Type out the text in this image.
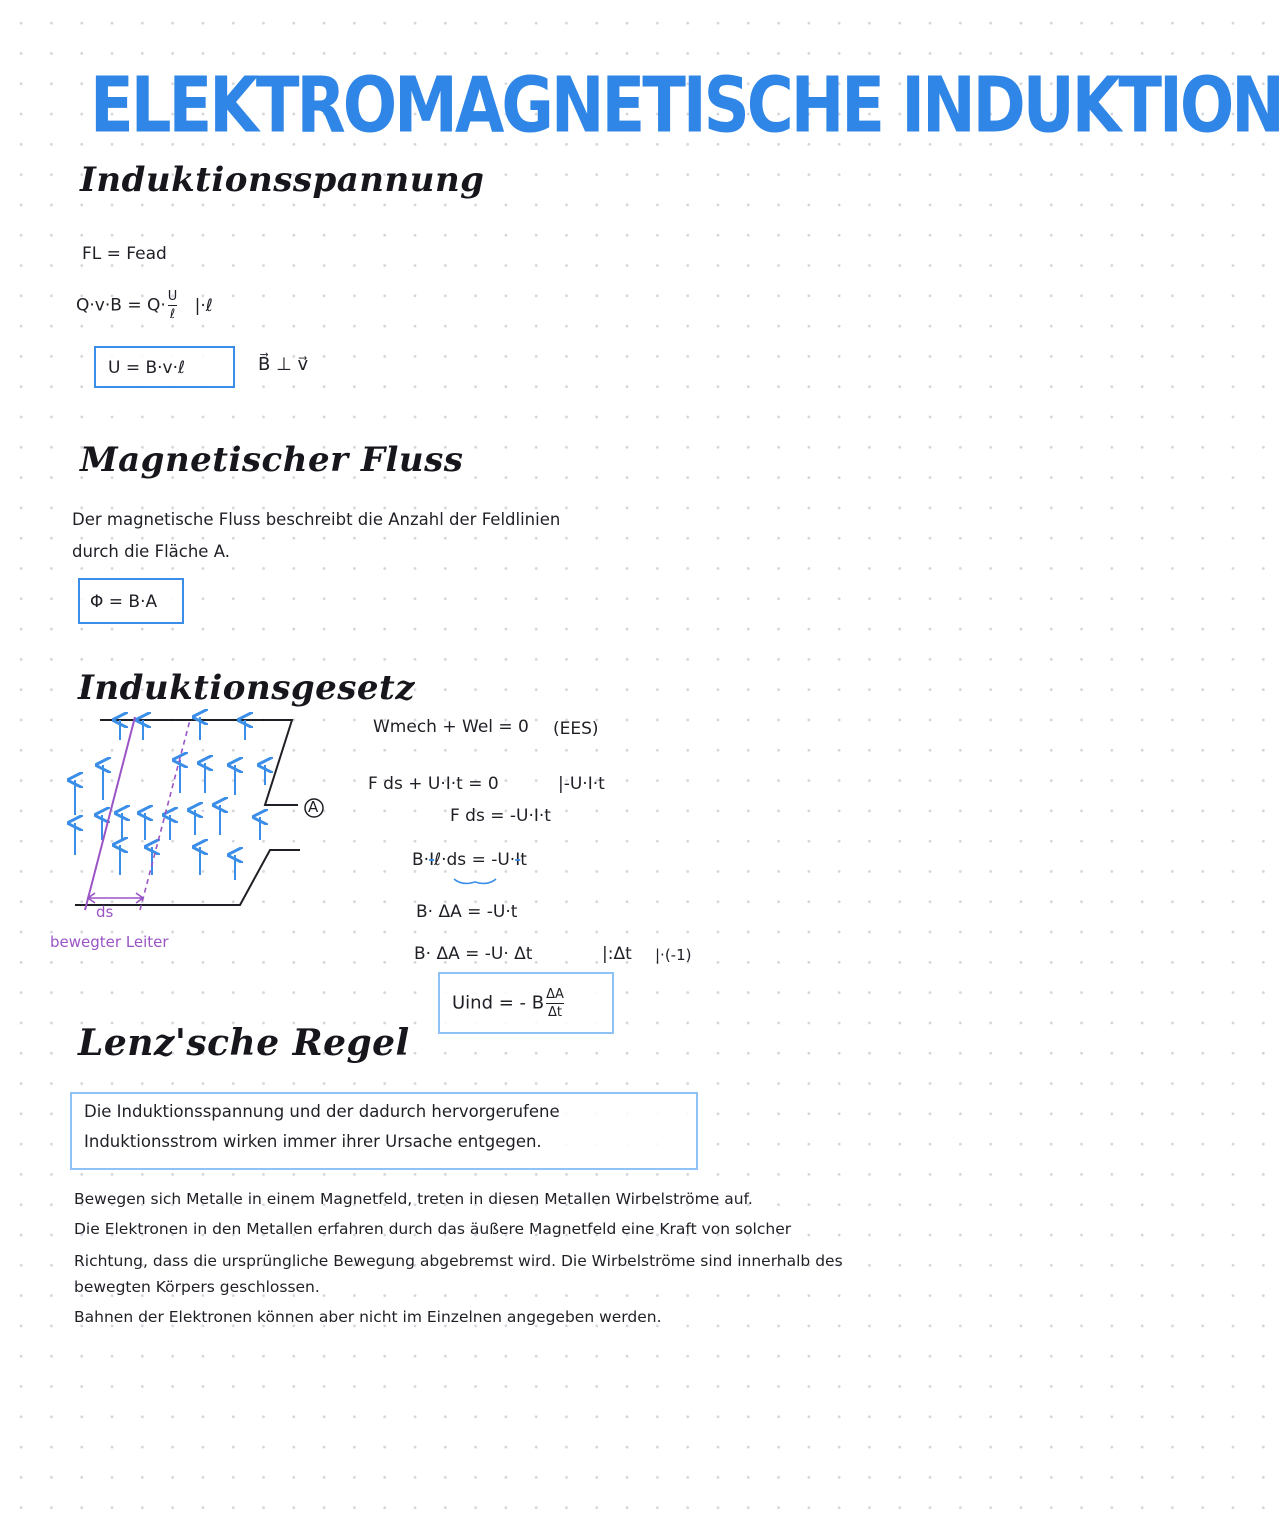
ELEKTROMAGNETISCHE INDUKTION
Induktionsspannung
FL = Fead
$Q\cdot v\cdot B = Q\cdot \frac{U}{\text{ℓ}}$ |·ℓ
U = B·v·ℓ	B⃗ ⊥ v⃗
Magnetischer Fluss
Der magnetische Fluss beschreibt die Anzahl der Feldlinien
durch die Fläche A.
Φ = B·A
Induktionsgesetz
A
ds
bewegter Leiter
Wmech + Wel = 0 (EES)
F ds + U·I·t = 0	|-U·I·t
F ds = -U·I·t
B·Iℓ·ds = -U·It
B· ΔA = -U·t
B· ΔA = -U· Δt	|:Δt |·(-1)
Uind = - B $\frac{\Delta A}{\Delta t}$
Lenz'sche Regel
Die Induktionsspannung und der dadurch hervorgerufene
Induktionsstrom wirken immer ihrer Ursache entgegen.
Bewegen sich Metalle in einem Magnetfeld, treten in diesen Metallen Wirbelströme auf.
Die Elektronen in den Metallen erfahren durch das äußere Magnetfeld eine Kraft von solcher
Richtung, dass die ursprüngliche Bewegung abgebremst wird. Die Wirbelströme sind innerhalb des
bewegten Körpers geschlossen.
Bahnen der Elektronen können aber nicht im Einzelnen angegeben werden.
